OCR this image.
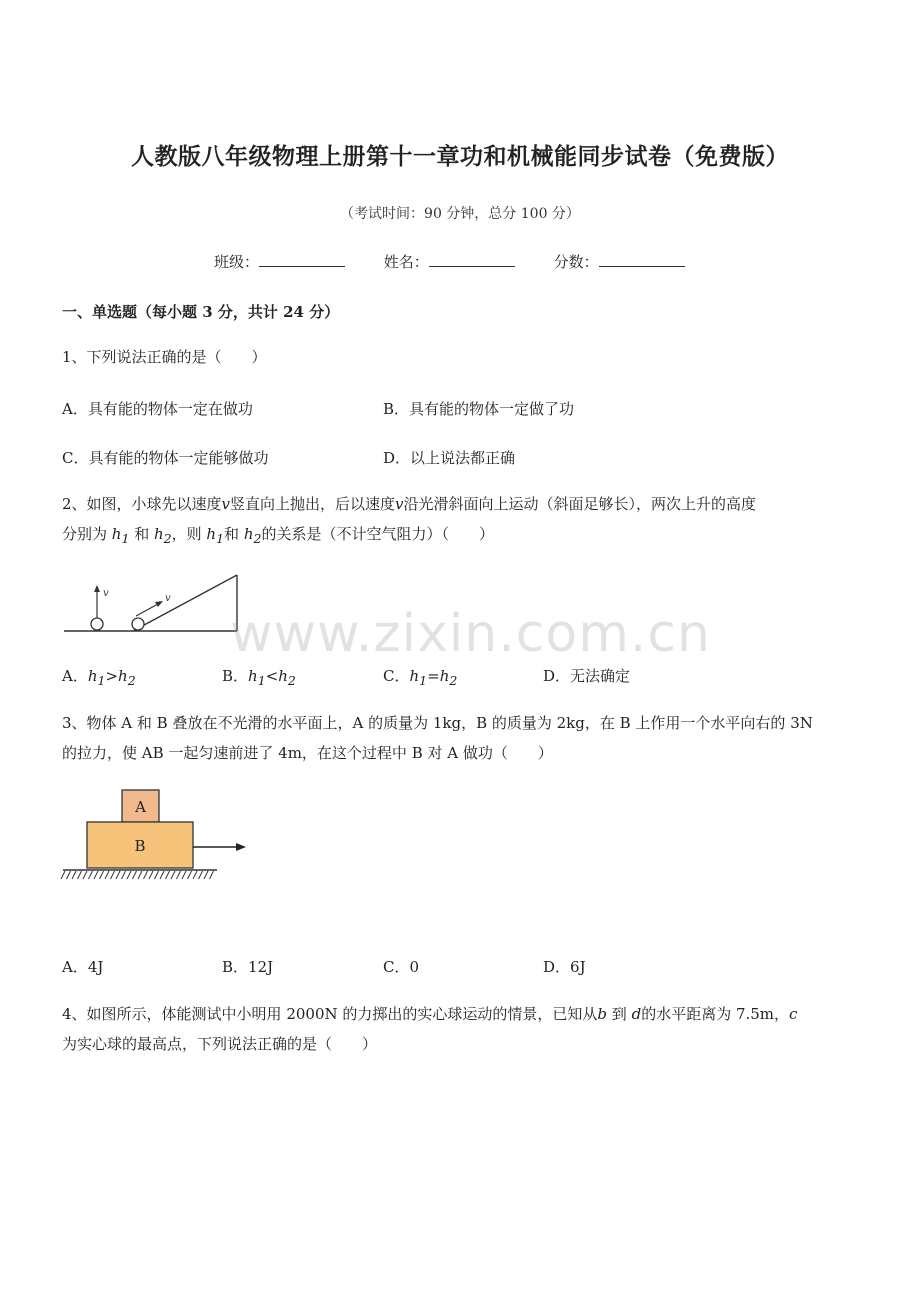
人教版八年级物理上册第十一章功和机械能同步试卷（免费版）
（考试时间：90 分钟，总分 100 分）
班级：	姓名：	分数：
一、单选题（每小题 3 分，共计 24 分）
1、下列说法正确的是（　　）
A．具有能的物体一定在做功	B．具有能的物体一定做了功
C．具有能的物体一定能够做功	D．以上说法都正确
2、如图，小球先以速度v竖直向上抛出，后以速度v沿光滑斜面向上运动（斜面足够长），两次上升的高度
分别为 $h_1$ 和 $h_2$，则 $h_1$和 $h_2$的关系是（不计空气阻力）（　　）
v	v
www.zixin.com.cn
A．$h_1>h_2$	B．$h_1<h_2$	C．$h_1=h_2$	D．无法确定
3、物体 A 和 B 叠放在不光滑的水平面上，A 的质量为 1kg，B 的质量为 2kg，在 B 上作用一个水平向右的 3N
的拉力，使 AB 一起匀速前进了 4m，在这个过程中 B 对 A 做功（　　）
A
B
A．4J	B．12J	C．0	D．6J
4、如图所示，体能测试中小明用 2000N 的力掷出的实心球运动的情景，已知从b 到 d的水平距离为 7.5m，c
为实心球的最高点，下列说法正确的是（　　）
